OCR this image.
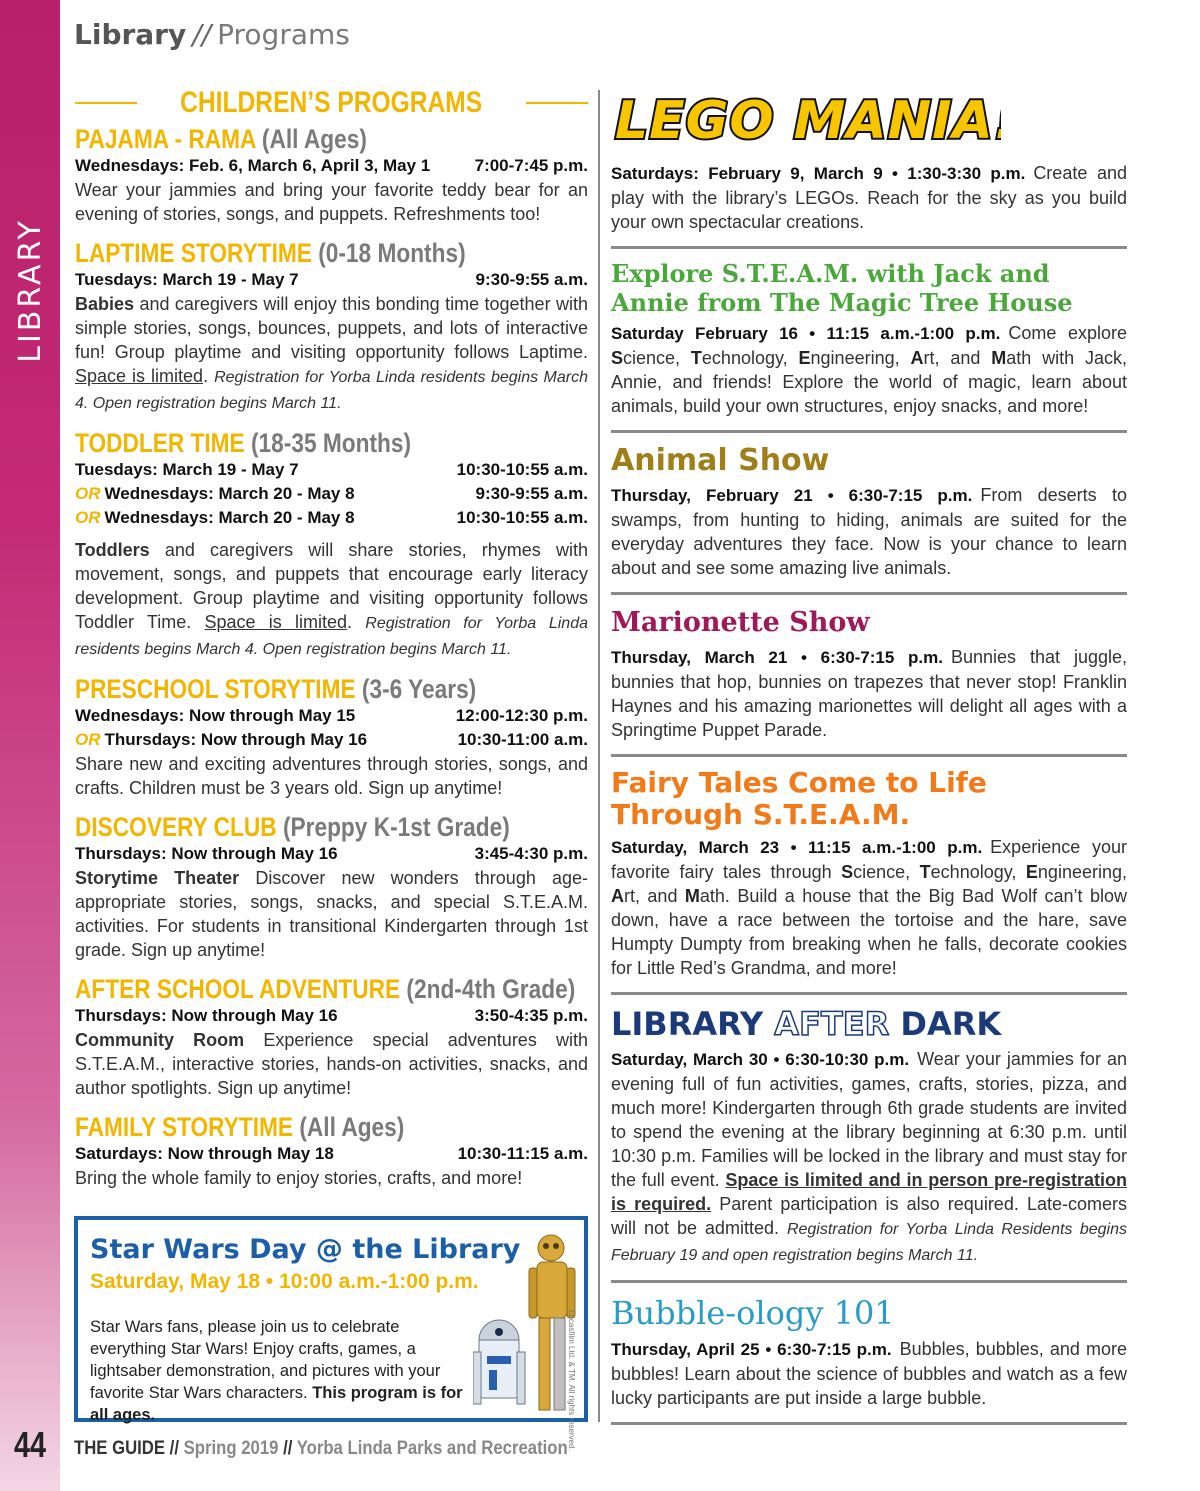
LIBRARY
44
Library // Programs
CHILDREN’S PROGRAMS
PAJAMA - RAMA (All Ages)
Wednesdays: Feb. 6, March 6, April 3, May 1	7:00-7:45 p.m.
Wear your jammies and bring your favorite teddy bear for an evening of stories, songs, and puppets. Refreshments too!
LAPTIME STORYTIME (0-18 Months)
Tuesdays: March 19 - May 7	9:30-9:55 a.m.
Babies and caregivers will enjoy this bonding time together with simple stories, songs, bounces, puppets, and lots of interactive fun! Group playtime and visiting opportunity follows Laptime. Space is limited. Registration for Yorba Linda residents begins March 4. Open registration begins March 11.
TODDLER TIME (18-35 Months)
Tuesdays: March 19 - May 7	10:30-10:55 a.m.
OR Wednesdays: March 20 - May 8	9:30-9:55 a.m.
OR Wednesdays: March 20 - May 8	10:30-10:55 a.m.
Toddlers and caregivers will share stories, rhymes with movement, songs, and puppets that encourage early literacy development. Group playtime and visiting opportunity follows Toddler Time. Space is limited. Registration for Yorba Linda residents begins March 4. Open registration begins March 11.
PRESCHOOL STORYTIME (3-6 Years)
Wednesdays: Now through May 15	12:00-12:30 p.m.
OR Thursdays: Now through May 16	10:30-11:00 a.m.
Share new and exciting adventures through stories, songs, and crafts. Children must be 3 years old. Sign up anytime!
DISCOVERY CLUB (Preppy K-1st Grade)
Thursdays: Now through May 16	3:45-4:30 p.m.
Storytime Theater Discover new wonders through age-appropriate stories, songs, snacks, and special S.T.E.A.M. activities. For students in transitional Kindergarten through 1st grade. Sign up anytime!
AFTER SCHOOL ADVENTURE (2nd-4th Grade)
Thursdays: Now through May 16	3:50-4:35 p.m.
Community Room Experience special adventures with S.T.E.A.M., interactive stories, hands-on activities, snacks, and author spotlights. Sign up anytime!
FAMILY STORYTIME (All Ages)
Saturdays: Now through May 18	10:30-11:15 a.m.
Bring the whole family to enjoy stories, crafts, and more!
Star Wars Day @ the Library
Saturday, May 18 • 10:00 a.m.-1:00 p.m.
Star Wars fans, please join us to celebrate everything Star Wars! Enjoy crafts, games, a lightsaber demonstration, and pictures with your favorite Star Wars characters. This program is for all ages.	Lucasfilm Ltd. & TM. All rights reserved.
LEGO MANIA!
Saturdays: February 9, March 9 • 1:30-3:30 p.m. Create and play with the library’s LEGOs. Reach for the sky as you build your own spectacular creations.
Explore S.T.E.A.M. with Jack and
Annie from The Magic Tree House
Saturday February 16 • 11:15 a.m.-1:00 p.m. Come explore Science, Technology, Engineering, Art, and Math with Jack, Annie, and friends! Explore the world of magic, learn about animals, build your own structures, enjoy snacks, and more!
Animal Show
Thursday, February 21 • 6:30-7:15 p.m. From deserts to swamps, from hunting to hiding, animals are suited for the everyday adventures they face. Now is your chance to learn about and see some amazing live animals.
Marionette Show
Thursday, March 21 • 6:30-7:15 p.m. Bunnies that juggle, bunnies that hop, bunnies on trapezes that never stop! Franklin Haynes and his amazing marionettes will delight all ages with a Springtime Puppet Parade.
Fairy Tales Come to Life
Through S.T.E.A.M.
Saturday, March 23 • 11:15 a.m.-1:00 p.m. Experience your favorite fairy tales through Science, Technology, Engineering, Art, and Math. Build a house that the Big Bad Wolf can’t blow down, have a race between the tortoise and the hare, save Humpty Dumpty from breaking when he falls, decorate cookies for Little Red’s Grandma, and more!
LIBRARY AFTER DARK
Saturday, March 30 • 6:30-10:30 p.m. Wear your jammies for an evening full of fun activities, games, crafts, stories, pizza, and much more! Kindergarten through 6th grade students are invited to spend the evening at the library beginning at 6:30 p.m. until 10:30 p.m. Families will be locked in the library and must stay for the full event. Space is limited and in person pre-registration is required. Parent participation is also required. Late-comers will not be admitted. Registration for Yorba Linda Residents begins February 19 and open registration begins March 11.
Bubble-ology 101
Thursday, April 25 • 6:30-7:15 p.m. Bubbles, bubbles, and more bubbles! Learn about the science of bubbles and watch as a few lucky participants are put inside a large bubble.
THE GUIDE // Spring 2019 // Yorba Linda Parks and Recreation
